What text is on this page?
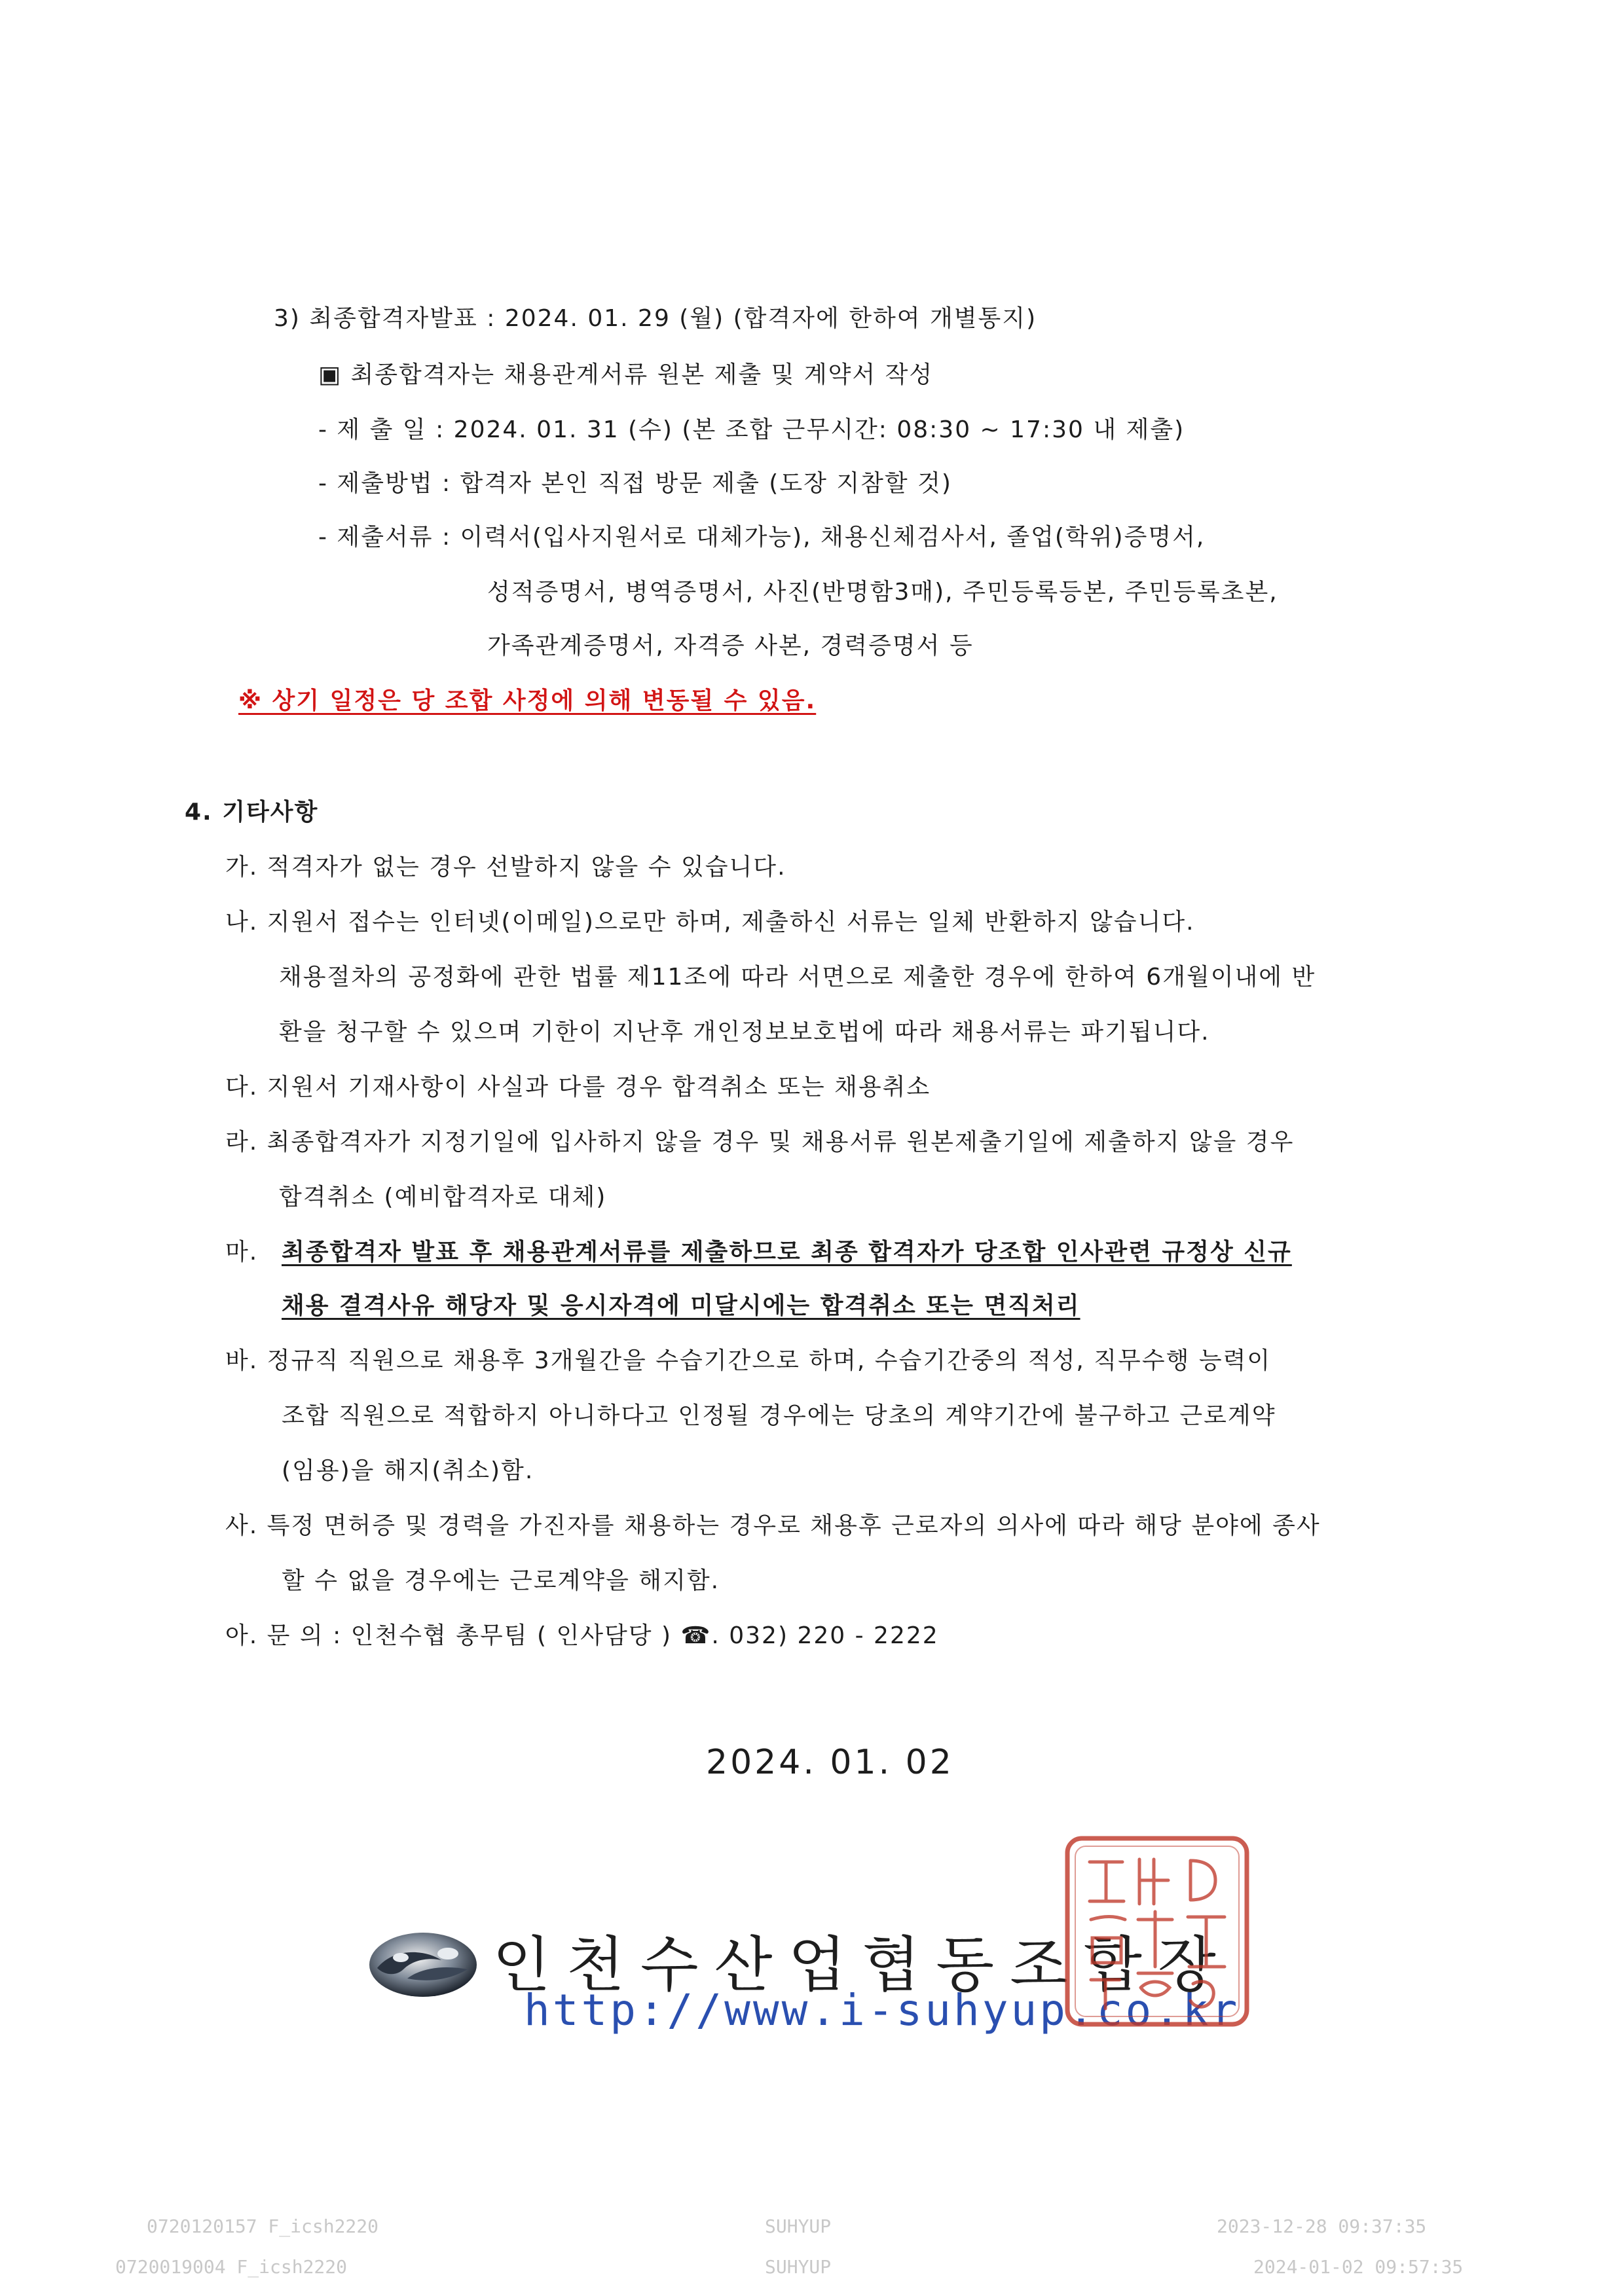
3) 최종합격자발표 : 2024. 01. 29 (월) (합격자에 한하여 개별통지)
▣ 최종합격자는 채용관계서류 원본 제출 및 계약서 작성
- 제 출 일 : 2024. 01. 31 (수) (본 조합 근무시간: 08:30 ~ 17:30 내 제출)
- 제출방법 : 합격자 본인 직접 방문 제출 (도장 지참할 것)
- 제출서류 : 이력서(입사지원서로 대체가능), 채용신체검사서, 졸업(학위)증명서,
성적증명서, 병역증명서, 사진(반명함3매), 주민등록등본, 주민등록초본,
가족관계증명서, 자격증 사본, 경력증명서 등
※ 상기 일정은 당 조합 사정에 의해 변동될 수 있음.
4. 기타사항
가. 적격자가 없는 경우 선발하지 않을 수 있습니다.
나. 지원서 접수는 인터넷(이메일)으로만 하며, 제출하신 서류는 일체 반환하지 않습니다.
채용절차의 공정화에 관한 법률 제11조에 따라 서면으로 제출한 경우에 한하여 6개월이내에 반
환을 청구할 수 있으며 기한이 지난후 개인정보보호법에 따라 채용서류는 파기됩니다.
다. 지원서 기재사항이 사실과 다를 경우 합격취소 또는 채용취소
라. 최종합격자가 지정기일에 입사하지 않을 경우 및 채용서류 원본제출기일에 제출하지 않을 경우
합격취소 (예비합격자로 대체)
마. 최종합격자 발표 후 채용관계서류를 제출하므로 최종 합격자가 당조합 인사관련 규정상 신규
채용 결격사유 해당자 및 응시자격에 미달시에는 합격취소 또는 면직처리
바. 정규직 직원으로 채용후 3개월간을 수습기간으로 하며, 수습기간중의 적성, 직무수행 능력이
조합 직원으로 적합하지 아니하다고 인정될 경우에는 당초의 계약기간에 불구하고 근로계약
(임용)을 해지(취소)함.
사. 특정 면허증 및 경력을 가진자를 채용하는 경우로 채용후 근로자의 의사에 따라 해당 분야에 종사
할 수 없을 경우에는 근로계약을 해지함.
아. 문 의 : 인천수협 총무팀 ( 인사담당 ) ☎. 032) 220 - 2222
2024. 01. 02
인천수산업협동조합장
http://www.i-suhyup.co.kr
0720120157 F_icsh2220
0720019004 F_icsh2220
SUHYUP
SUHYUP
2023-12-28 09:37:35
2024-01-02 09:57:35
